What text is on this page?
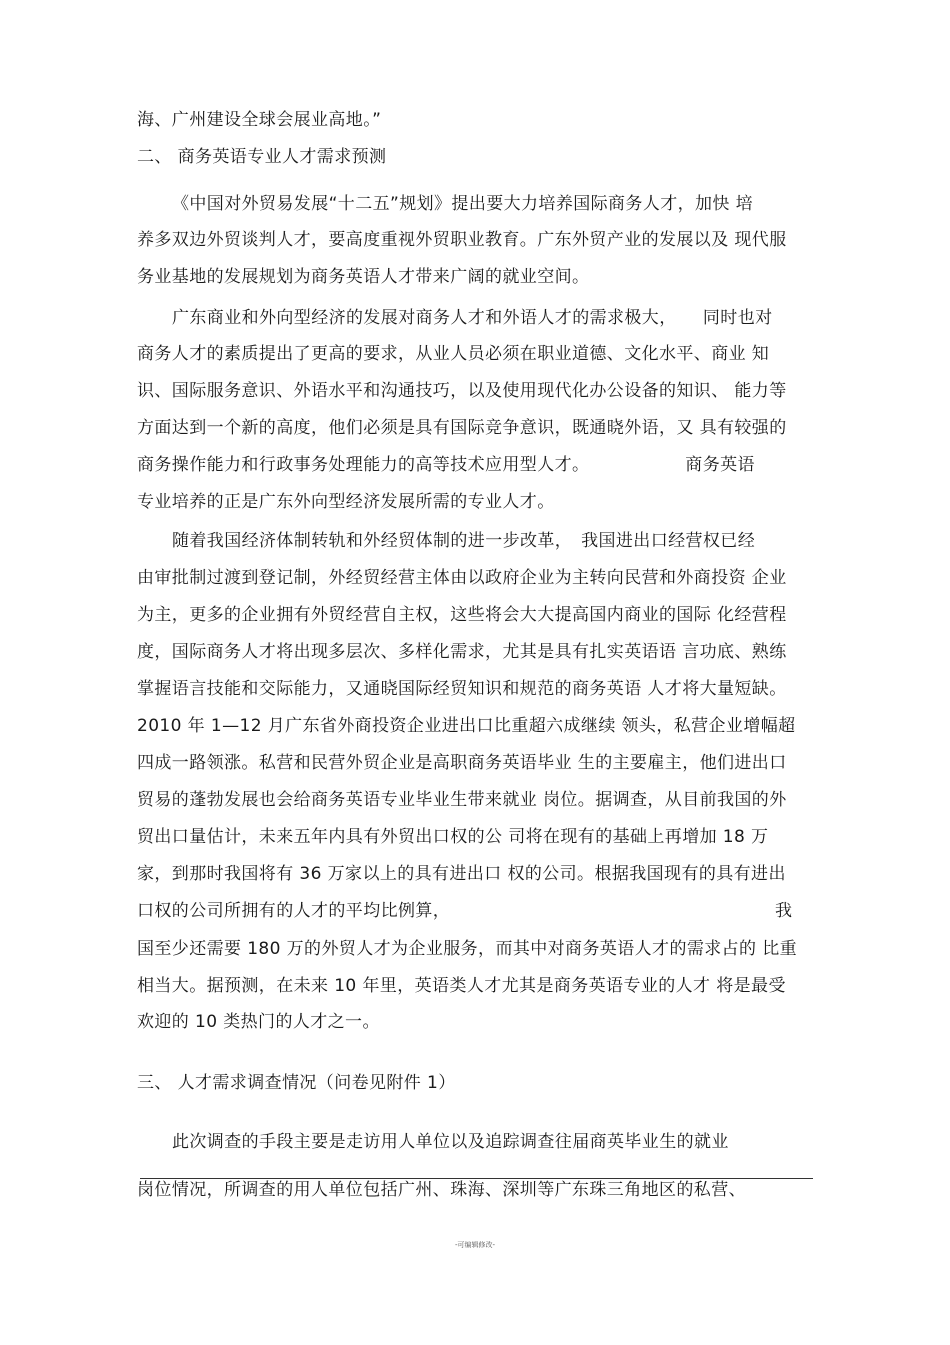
海、广州建设全球会展业高地。”
二、 商务英语专业人才需求预测
《中国对外贸易发展“十二五”规划》提出要大力培养国际商务人才，加快 培
养多双边外贸谈判人才，要高度重视外贸职业教育。广东外贸产业的发展以及 现代服
务业基地的发展规划为商务英语人才带来广阔的就业空间。
广东商业和外向型经济的发展对商务人才和外语人才的需求极大，　　同时也对
商务人才的素质提出了更高的要求，从业人员必须在职业道德、文化水平、商业 知
识、国际服务意识、外语水平和沟通技巧，以及使用现代化办公设备的知识、 能力等
方面达到一个新的高度，他们必须是具有国际竞争意识，既通晓外语，又 具有较强的
商务操作能力和行政事务处理能力的高等技术应用型人才。　　　　　　商务英语
专业培养的正是广东外向型经济发展所需的专业人才。
随着我国经济体制转轨和外经贸体制的进一步改革，　我国进出口经营权已经
由审批制过渡到登记制，外经贸经营主体由以政府企业为主转向民营和外商投资 企业
为主，更多的企业拥有外贸经营自主权，这些将会大大提高国内商业的国际 化经营程
度，国际商务人才将出现多层次、多样化需求，尤其是具有扎实英语语 言功底、熟练
掌握语言技能和交际能力，又通晓国际经贸知识和规范的商务英语 人才将大量短缺。
2010 年 1—12 月广东省外商投资企业进出口比重超六成继续 领头，私营企业增幅超
四成一路领涨。私营和民营外贸企业是高职商务英语毕业 生的主要雇主，他们进出口
贸易的蓬勃发展也会给商务英语专业毕业生带来就业 岗位。据调查，从目前我国的外
贸出口量估计，未来五年内具有外贸出口权的公 司将在现有的基础上再增加 18 万
家，到那时我国将有 36 万家以上的具有进出口 权的公司。根据我国现有的具有进出
口权的公司所拥有的人才的平均比例算，	我
国至少还需要 180 万的外贸人才为企业服务，而其中对商务英语人才的需求占的 比重
相当大。据预测，在未来 10 年里，英语类人才尤其是商务英语专业的人才 将是最受
欢迎的 10 类热门的人才之一。
三、 人才需求调查情况（问卷见附件 1）
此次调查的手段主要是走访用人单位以及追踪调查往届商英毕业生的就业
岗位情况，所调查的用人单位包括广州、珠海、深圳等广东珠三角地区的私营、
-可编辑修改-
